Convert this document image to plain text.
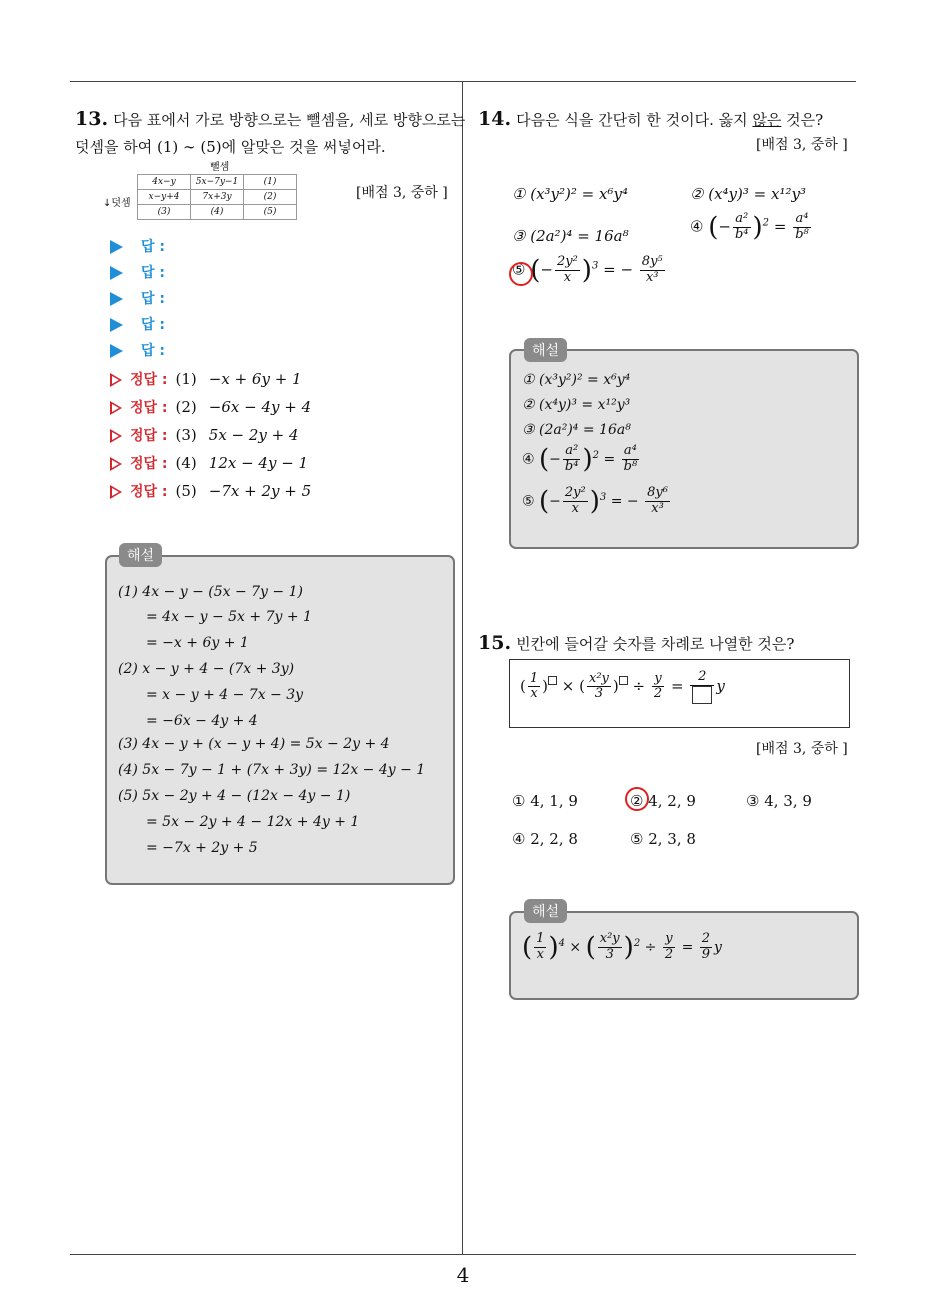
4
13. 다음 표에서 가로 방향으로는 뺄셈을, 세로 방향으로는
덧셈을 하여 (1) ∼ (5)에 알맞은 것을 써넣어라.
뺄셈
↓덧셈
4x−y	5x−7y−1	(1)
x−y+4	7x+3y	(2)
(3)	(4)	(5)
[배점 3, 중하 ]
답 :
답 :
답 :
답 :
답 :
정답 : (1) −x + 6y + 1
정답 : (2) −6x − 4y + 4
정답 : (3) 5x − 2y + 4
정답 : (4) 12x − 4y − 1
정답 : (5) −7x + 2y + 5
해설
(1) 4x − y − (5x − 7y − 1)
= 4x − y − 5x + 7y + 1
= −x + 6y + 1
(2) x − y + 4 − (7x + 3y)
= x − y + 4 − 7x − 3y
= −6x − 4y + 4
(3) 4x − y + (x − y + 4) = 5x − 2y + 4
(4) 5x − 7y − 1 + (7x + 3y) = 12x − 4y − 1
(5) 5x − 2y + 4 − (12x − 4y − 1)
= 5x − 2y + 4 − 12x + 4y + 1
= −7x + 2y + 5
14. 다음은 식을 간단히 한 것이다. 옳지 않은 것은?
[배점 3, 중하 ]
① (x³y²)² = x⁶y⁴	② (x⁴y)³ = x¹²y³
③ (2a²)⁴ = 16a⁸
④ (− $\frac{\text{a²}}{\text{b⁴}} )^2 = \frac{\text{a⁴}}{\text{b⁸}}$
⑤ (− $\frac{\text{2y²}}{x} )^3$ = − $\frac{\text{8y⁵}}{\text{x³}}$
해설
① (x³y²)² = x⁶y⁴
② (x⁴y)³ = x¹²y³
③ (2a²)⁴ = 16a⁸
④ (− $\frac{\text{a²}}{\text{b⁴}} )^2 = \frac{\text{a⁴}}{\text{b⁸}}$
⑤ (− $\frac{\text{2y²}}{x} )^3$ = − $\frac{\text{8y⁶}}{\text{x³}}$
15. 빈칸에 들어갈 숫자를 차례로 나열한 것은?
( $\frac{1}{x}$ ) × ( $\frac{\text{x²y}}{3}$ ) ÷ $\frac{y}{2}$ =
2
y
[배점 3, 중하 ]
① 4, 1, 9	② 4, 2, 9	③ 4, 3, 9
④ 2, 2, 8	⑤ 2, 3, 8
해설
( $\frac{1}{x} )^4$ × ( $\frac{\text{x²y}}{3} )^2 \div \frac{y}{2} = \frac{2}{9}$ y
